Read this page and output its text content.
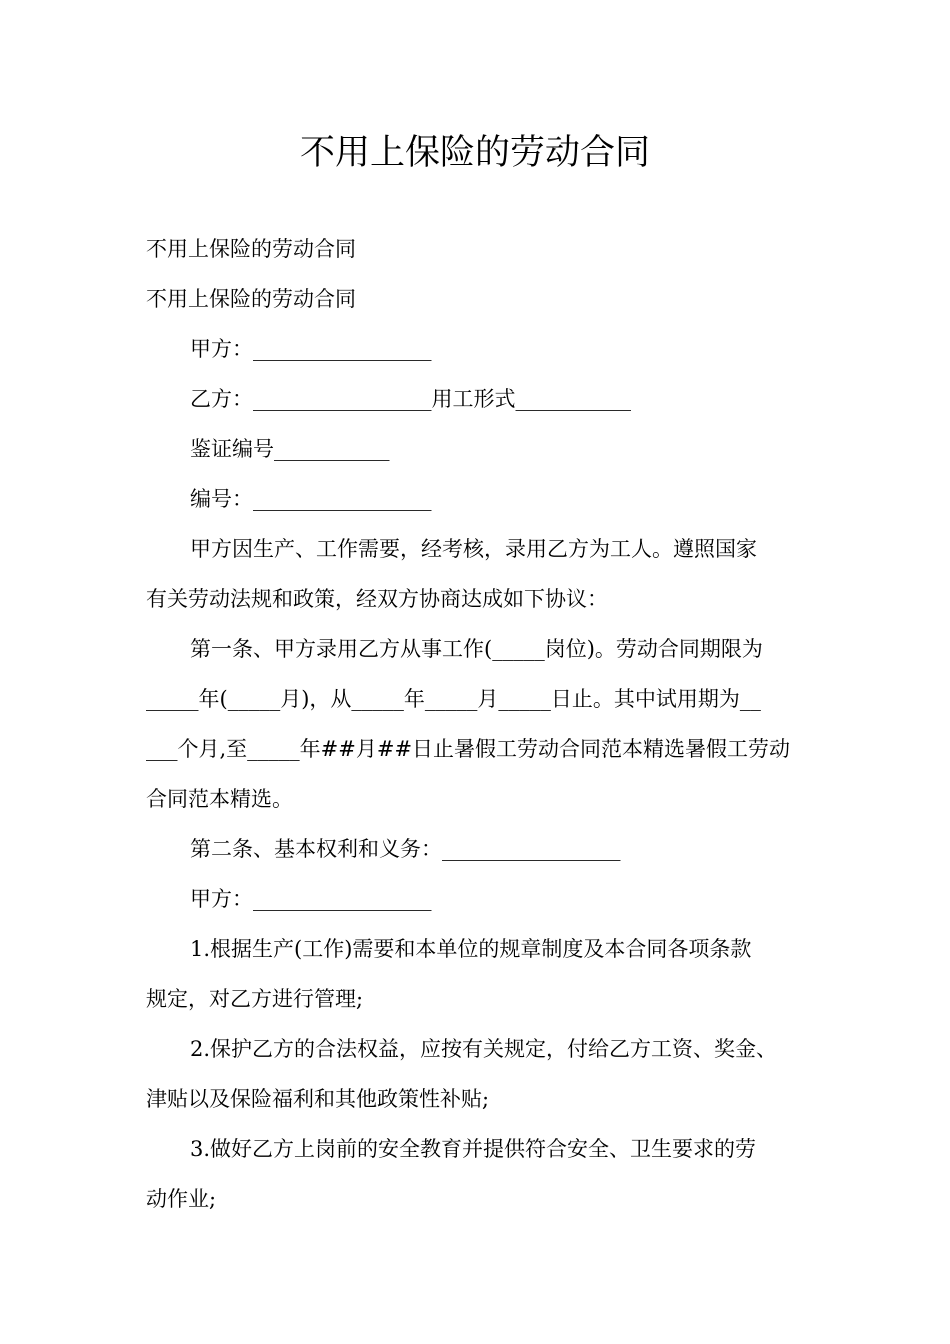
不用上保险的劳动合同
不用上保险的劳动合同
不用上保险的劳动合同
甲方：_________________
乙方：_________________用工形式___________
鉴证编号___________
编号：_________________
甲方因生产、工作需要，经考核，录用乙方为工人。遵照国家
有关劳动法规和政策，经双方协商达成如下协议：
第一条、甲方录用乙方从事工作(_____岗位)。劳动合同期限为
_____年(_____月)，从_____年_____月_____日止。其中试用期为__
___个月,至_____年##月##日止暑假工劳动合同范本精选暑假工劳动
合同范本精选。
第二条、基本权利和义务：_________________
甲方：_________________
1.根据生产(工作)需要和本单位的规章制度及本合同各项条款
规定，对乙方进行管理;
2.保护乙方的合法权益，应按有关规定，付给乙方工资、奖金、
津贴以及保险福利和其他政策性补贴;
3.做好乙方上岗前的安全教育并提供符合安全、卫生要求的劳
动作业;
